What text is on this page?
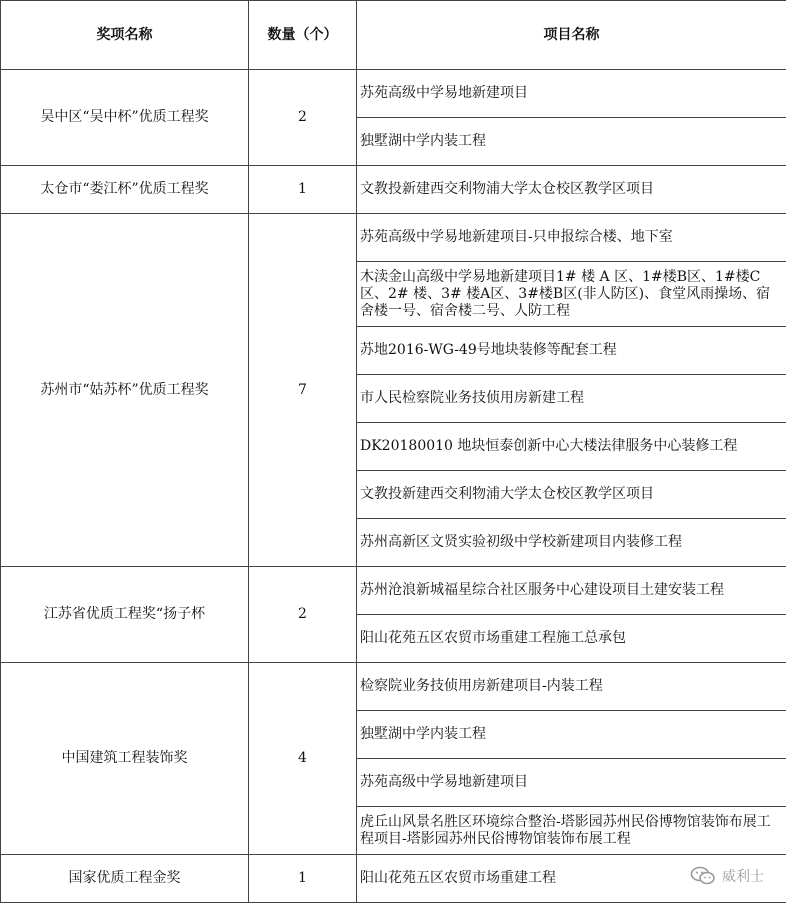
奖项名称	数量（个）	项目名称
吴中区“吴中杯”优质工程奖	2	苏苑高级中学易地新建项目
		独墅湖中学内装工程
太仓市“娄江杯”优质工程奖	1	文教投新建西交利物浦大学太仓校区教学区项目
苏州市“姑苏杯”优质工程奖	7	苏苑高级中学易地新建项目-只申报综合楼、地下室
		木渎金山高级中学易地新建项目1# 楼 A 区、1#楼B区、1#楼C区、2# 楼、3# 楼A区、3#楼B区(非人防区)、食堂风雨操场、宿舍楼一号、宿舍楼二号、人防工程
		苏地2016-WG-49号地块装修等配套工程
		市人民检察院业务技侦用房新建工程
		DK20180010 地块恒泰创新中心大楼法律服务中心装修工程
		文教投新建西交利物浦大学太仓校区教学区项目
		苏州高新区文贤实验初级中学校新建项目内装修工程
江苏省优质工程奖“扬子杯	2	苏州沧浪新城福星综合社区服务中心建设项目土建安装工程
		阳山花苑五区农贸市场重建工程施工总承包
中国建筑工程装饰奖	4	检察院业务技侦用房新建项目-内装工程
		独墅湖中学内装工程
		苏苑高级中学易地新建项目
		虎丘山风景名胜区环境综合整治-塔影园苏州民俗博物馆装饰布展工程项目-塔影园苏州民俗博物馆装饰布展工程
国家优质工程金奖	1	阳山花苑五区农贸市场重建工程	威利士
